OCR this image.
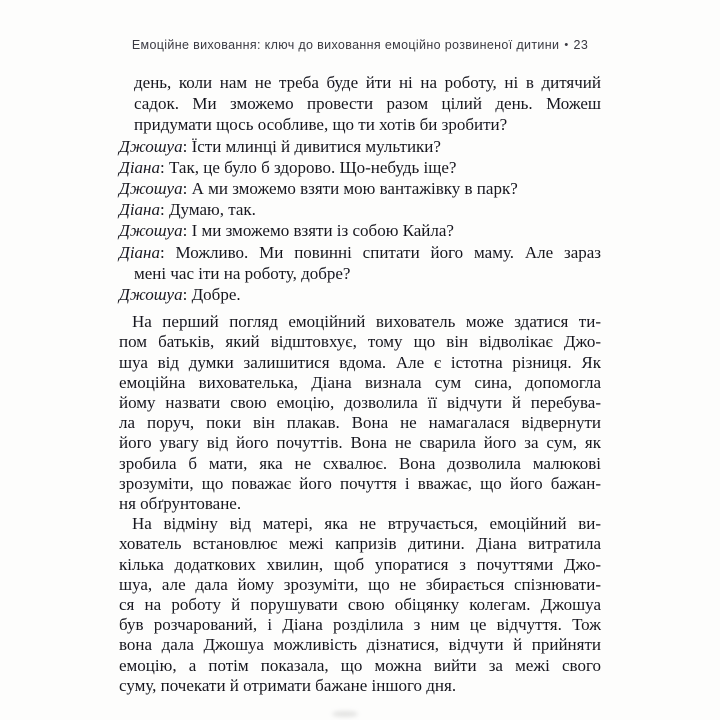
Емоційне виховання: ключ до виховання емоційно розвиненої дитини • 23
день, коли нам не треба буде йти ні на роботу, ні в дитячий
садок. Ми зможемо провести разом цілий день. Можеш
придумати щось особливе, що ти хотів би зробити?
Джошуа: Їсти млинці й дивитися мультики?
Діана: Так, це було б здорово. Що-небудь іще?
Джошуа: А ми зможемо взяти мою вантажівку в парк?
Діана: Думаю, так.
Джошуа: І ми зможемо взяти із собою Кайла?
Діана: Можливо. Ми повинні спитати його маму. Але зараз
мені час іти на роботу, добре?
Джошуа: Добре.
На перший погляд емоційний вихователь може здатися ти-
пом батьків, який відштовхує, тому що він відволікає Джо-
шуа від думки залишитися вдома. Але є істотна різниця. Як
емоційна вихователька, Діана визнала сум сина, допомогла
йому назвати свою емоцію, дозволила її відчути й перебува-
ла поруч, поки він плакав. Вона не намагалася відвернути
його увагу від його почуттів. Вона не сварила його за сум, як
зробила б мати, яка не схвалює. Вона дозволила малюкові
зрозуміти, що поважає його почуття і вважає, що його бажан-
ня обґрунтоване.
На відміну від матері, яка не втручається, емоційний ви-
хователь встановлює межі капризів дитини. Діана витратила
кілька додаткових хвилин, щоб упоратися з почуттями Джо-
шуа, але дала йому зрозуміти, що не збирається спізнювати-
ся на роботу й порушувати свою обіцянку колегам. Джошуа
був розчарований, і Діана розділила з ним це відчуття. Тож
вона дала Джошуа можливість дізнатися, відчути й прийняти
емоцію, а потім показала, що можна вийти за межі свого
суму, почекати й отримати бажане іншого дня.
